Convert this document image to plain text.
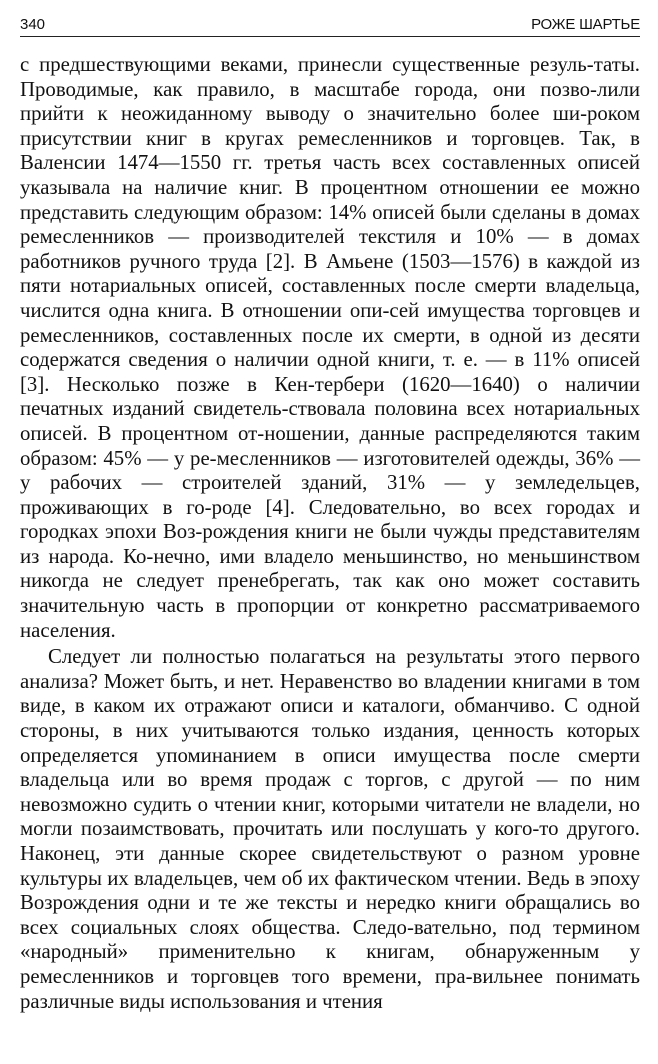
340	РОЖЕ ШАРТЬЕ

с предшествующими веками, принесли существенные резуль-таты. Проводимые, как правило, в масштабе города, они позво-лили прийти к неожиданному выводу о значительно более ши-роком присутствии книг в кругах ремесленников и торговцев. Так, в Валенсии 1474—1550 гг. третья часть всех составленных описей указывала на наличие книг. В процентном отношении ее можно представить следующим образом: 14% описей были сделаны в домах ремесленников — производителей текстиля и 10% — в домах работников ручного труда [2]. В Амьене (1503—1576) в каждой из пяти нотариальных описей, составленных после смерти владельца, числится одна книга. В отношении опи-сей имущества торговцев и ремесленников, составленных после их смерти, в одной из десяти содержатся сведения о наличии одной книги, т. е. — в 11% описей [3]. Несколько позже в Кен-тербери (1620—1640) о наличии печатных изданий свидетель-ствовала половина всех нотариальных описей. В процентном от-ношении, данные распределяются таким образом: 45% — у ре-месленников — изготовителей одежды, 36% — у рабочих — строителей зданий, 31% — у земледельцев, проживающих в го-роде [4]. Следовательно, во всех городах и городках эпохи Воз-рождения книги не были чужды представителям из народа. Ко-нечно, ими владело меньшинство, но меньшинством никогда не следует пренебрегать, так как оно может составить значительную часть в пропорции от конкретно рассматриваемого населения.

Следует ли полностью полагаться на результаты этого первого анализа? Может быть, и нет. Неравенство во владении книгами в том виде, в каком их отражают описи и каталоги, обманчиво. С одной стороны, в них учитываются только издания, ценность которых определяется упоминанием в описи имущества после смерти владельца или во время продаж с торгов, с другой — по ним невозможно судить о чтении книг, которыми читатели не владели, но могли позаимствовать, прочитать или послушать у кого-то другого. Наконец, эти данные скорее свидетельствуют о разном уровне культуры их владельцев, чем об их фактическом чтении. Ведь в эпоху Возрождения одни и те же тексты и нередко книги обращались во всех социальных слоях общества. Следо-вательно, под термином «народный» применительно к книгам, обнаруженным у ремесленников и торговцев того времени, пра-вильнее понимать различные виды использования и чтения
